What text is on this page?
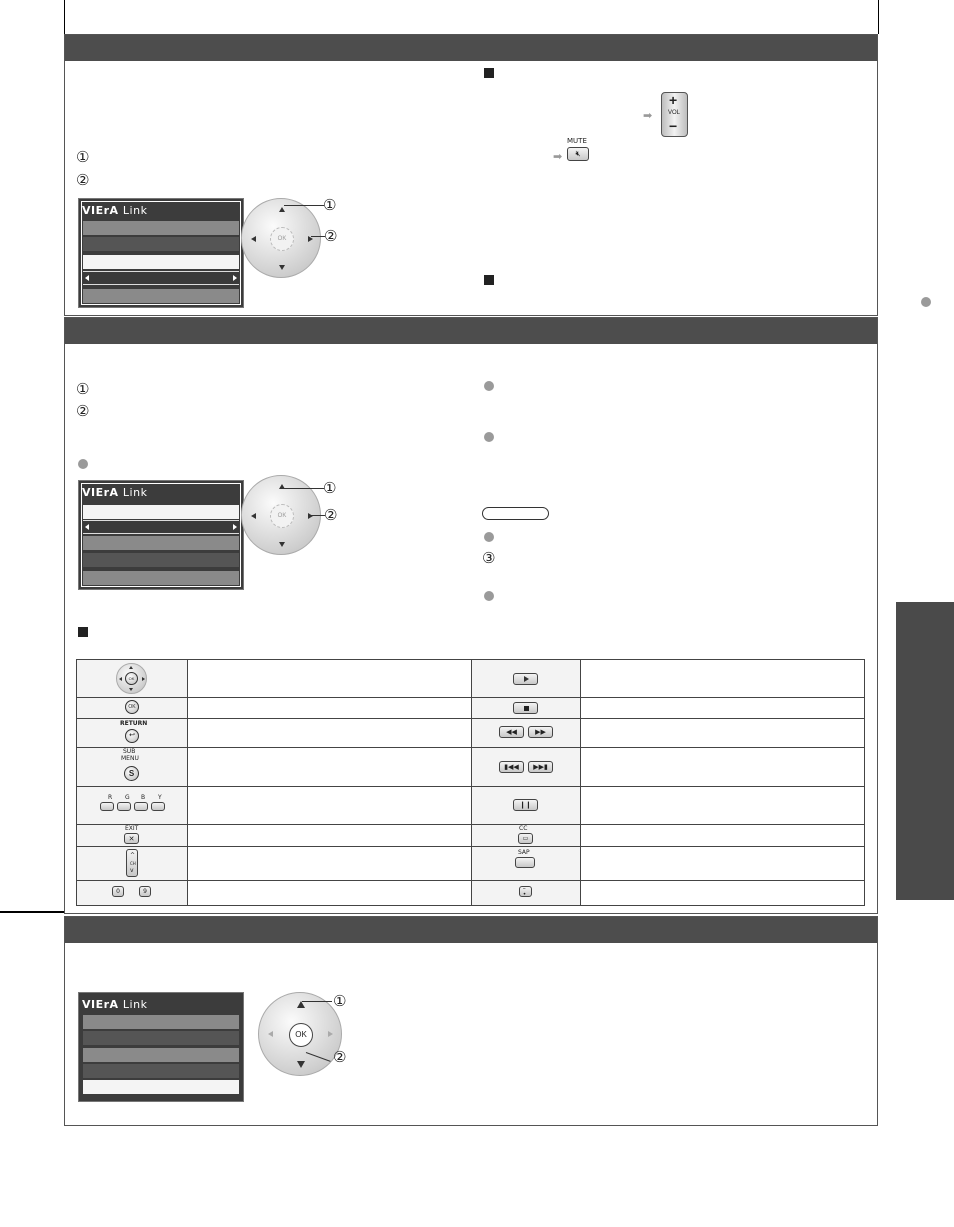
①
②
VIErA Link
OK
①
②
➡
+
VOL
−
➡
MUTE
🔇︎
①
②
VIErA Link
OK
①
②
③
OK
OK
RETURN
↩
SUB
MENU
S
R G B Y
EXIT
✕
^
CH
v
0	9
◀◀	▶▶
▮◀◀ ▶▶▮
❙❙
CC
▭
SAP
–•
VIErA Link
OK
①
②
